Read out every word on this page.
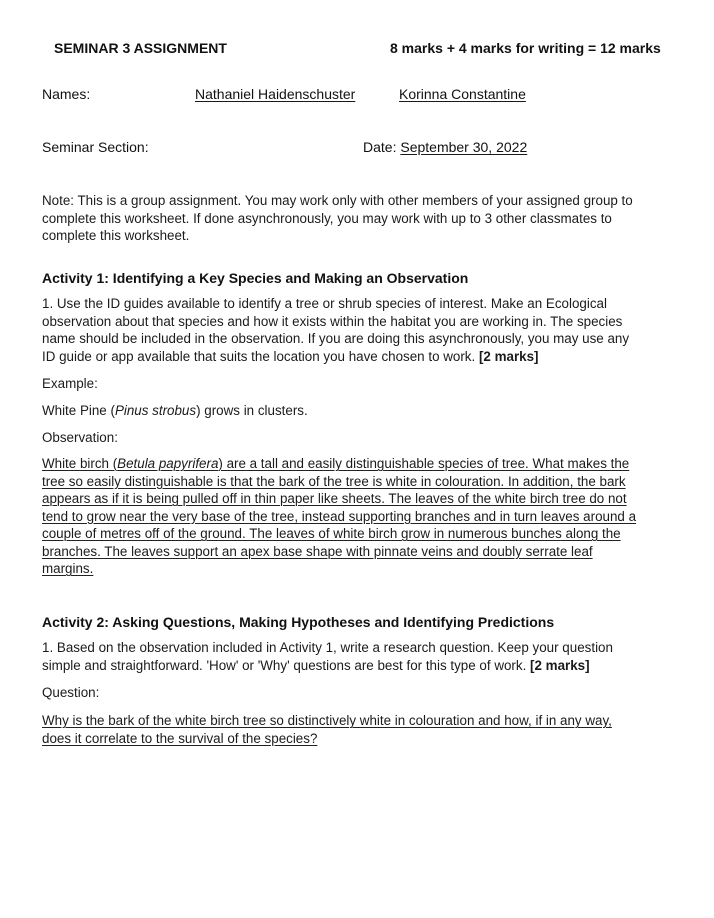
SEMINAR 3 ASSIGNMENT	8 marks + 4 marks for writing = 12 marks
Names:	Nathaniel Haidenschuster	Korinna Constantine
Seminar Section:	Date: September 30, 2022
Note: This is a group assignment. You may work only with other members of your assigned group to
complete this worksheet. If done asynchronously, you may work with up to 3 other classmates to
complete this worksheet.
Activity 1: Identifying a Key Species and Making an Observation
1. Use the ID guides available to identify a tree or shrub species of interest. Make an Ecological
observation about that species and how it exists within the habitat you are working in. The species
name should be included in the observation. If you are doing this asynchronously, you may use any
ID guide or app available that suits the location you have chosen to work. [2 marks]
Example:
White Pine (Pinus strobus) grows in clusters.
Observation:
White birch (Betula papyrifera) are a tall and easily distinguishable species of tree. What makes the
tree so easily distinguishable is that the bark of the tree is white in colouration. In addition, the bark
appears as if it is being pulled off in thin paper like sheets. The leaves of the white birch tree do not
tend to grow near the very base of the tree, instead supporting branches and in turn leaves around a
couple of metres off of the ground. The leaves of white birch grow in numerous bunches along the
branches. The leaves support an apex base shape with pinnate veins and doubly serrate leaf
margins.
Activity 2: Asking Questions, Making Hypotheses and Identifying Predictions
1. Based on the observation included in Activity 1, write a research question. Keep your question
simple and straightforward. 'How' or 'Why' questions are best for this type of work. [2 marks]
Question:
Why is the bark of the white birch tree so distinctively white in colouration and how, if in any way,
does it correlate to the survival of the species?
